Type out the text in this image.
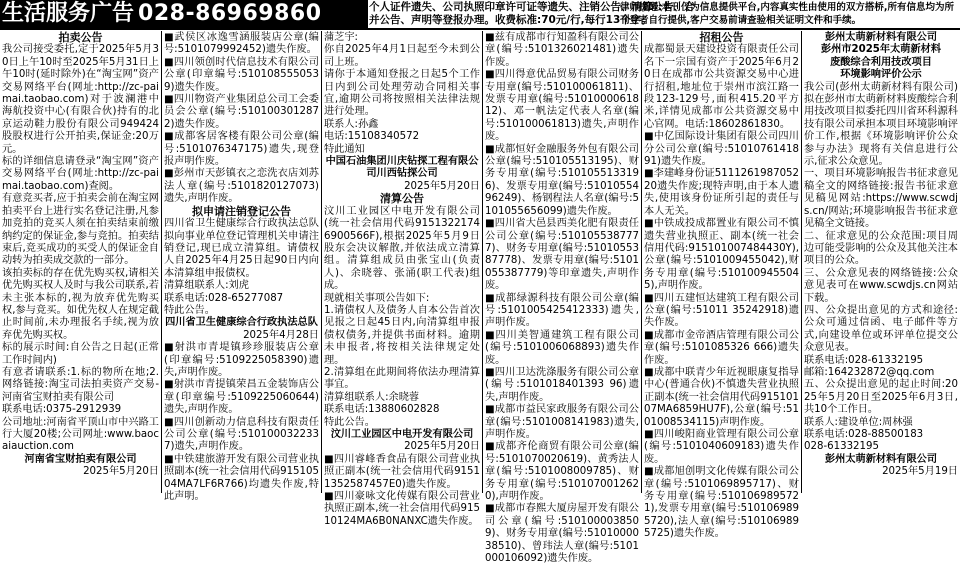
生活服务广告 028-86969860	个人证件遗失、公司执照印章许可证等遗失、注销公告、清算公告、合
并公告、声明等登报办理。收费标准:70元/行,每行13个字。
律师提醒:本刊仅为信息提供平台,内容真实性由使用的双方搭桥,所有信息均为所
刊登者自行提供,客户交易前请查验相关证明文件和手续。
拍卖公告
我公司接受委托,定于2025年5月30日上午10时至2025年5月31日上午10时(延时除外)在“淘宝网”资产交易网络平台(网址:http://zc-paimai.taobao.com)对于波澜港中海航投资中心(有限合伙)持有的北京运动鞋力股份有限公司949424股股权进行公开拍卖,保证金:20万元。
标的详细信息请登录“淘宝网”资产交易网络平台(网址:http://zc-paimai.taobao.com)查阅。
有意竞买者,应于拍卖会前在淘宝网拍卖平台上进行实名登记注册,凡参加竞拍的竞买人须在拍卖结束前缴纳约定的保证金,参与竞拍。拍卖结束后,竞买成功的买受人的保证金自动转为拍卖成交款的一部分。
该拍卖标的存在优先购买权,请相关优先购买权人及时与我公司联系,若未主张本标的,视为放弃优先购买权,参与竞买。如优先权人在规定截止时间前,未办理报名手续,视为放弃优先购买权。
标的展示时间:自公告之日起(正常工作时间内)
有意者请联系:1.标的物所在地;2.网络链接:淘宝司法拍卖资产交易-河南省宝财拍卖有限公司
联系电话:0375-2912939
公司地址:河南省平顶山市中兴路工行大厦20楼;公司网址:www.baocaiauction.com
河南省宝财拍卖有限公司
2025年5月20日
■武侯区冰逸雪涵服装店公章(编号:5101079992452)遗失作废。
■四川领创时代信息技术有限公司公章(印章编号:5101085550539)遗失作废。
■四川物资产业集团总公司工会委员会公章(编号:5101003012872)遗失作废。
■成都客居客楼有限公司公章(编号:5101076347175)遗失,现登报声明作废。
■彭州市天彭镇衣之恋洗衣店刘苏法人章(编号:5101820127073)遗失,声明作废。
拟申请注销登记公告
四川省卫生健康综合行政执法总队拟向事业单位登记管理机关申请注销登记,现已成立清算组。请债权人自2025年4月25日起90日内向本清算组申报债权。
清算组联系人:刘虎
联系电话:028-65277087
特此公告。
四川省卫生健康综合行政执法总队
2025年4月28日
■射洪市青堤镇珍珍服装店公章(印章编号:5109225058390)遗失,声明作废。
■射洪市青提镇荣昌五金装饰店公章(印章编号:5109225060644)遗失,声明作废。
■四川创新动力信息科技有限责任公司公章(编号:5101000322337)遗失,声明作废。
■中铁建旅游开发有限公司营业执照副本(统一社会信用代码91510504MA7LF6R766)均遗失作废,特此声明。
蒲芝宇:
你自2025年4月1日起至今未到公司上班。
请你于本通知登报之日起5个工作日内到公司处理劳动合同相关事宜,逾期公司将按照相关法律法规进行处理。
联系人:孙鑫
电话:15108340572
特此通知
中国石油集团川庆钻探工程有限公司川西钻探公司
2025年5月20日
清算公告
汶川工业园区中电开发有限公司(统一社会信用代码91513221746900566F),根据2025年5月9日股东会决议解散,并依法成立清算组。清算组成员由张宝山(负责人)、余晓蓉、张涌(职工代表)组成。
现就相关事项公告如下:
1.请债权人及债务人自本公告首次见报之日起45日内,向清算组申报债权债务,并提供书面材料。逾期未申报者,将按相关法律规定处理。
2.清算组在此期间将依法办理清算事宜。
清算组联系人:余晓蓉
联系电话:13880602828
特此公告。
汶川工业园区中电开发有限公司
2025年5月20日
■四川睿峰香食品有限公司营业执照正副本(统一社会信用代码91511352587457E0)遗失作废。
■四川豪咏文化传媒有限公司营业执照正副本,统一社会信用代码91510124MA6B0NANXC遗失作废。
■兹有成都市行知盈科有限公司公章(编号:5101326021481)遗失作废。
■四川得意优品贸易有限公司财务专用章(编号:510100061811)、发票专用章(编号:5101000061812)、邓一帆法定代表人名章(编号:510100061813)遗失,声明作废。
■成都恒好金融服务外包有限公司公章(编号:510105513195)、财务专用章(编号:5101055133196)、发票专用章(编号:5101055496249)、杨钢程法人名章(编号:5101055656099)遗失作废。
■四川省大邑县西美化肥有限责任公司公章(编号:5101055387777)、财务专用章(编号:5101055387778)、发票专用章(编号:5101055387779)等印章遗失,声明作废。
■成都绿源科技有限公司公章(编号:5101005425412333)遗失,声明作废。
■四川美智通建筑工程有限公司(编号:5101006068893)遗失作废。
■四川卫达洗涤服务有限公司公章(编号:5101018401393 96)遗失,声明作废。
■成都市益民家政服务有限公司公章(编号:5101008141983)遗失,声明作废。
■成都齐伦商贸有限公司公章(编号:5101070020619)、黄秀法人章(编号:5101008009785)、财务专用章(编号:5101070012620),声明作废。
■成都市春熙大厦房屋开发有限公司公章(编号:5101000038509)、财务专用章(编号:5101000038510)、曾玮法人章(编号:5101000106092)遗失作废。
招租公告
成都蜀景天建设投资有限责任公司名下一宗国有资产于2025年6月20日在成都市公共资源交易中心进行招租,地址位于崇州市滨江路一段123-129号,面积415.20平方米,详情见成都市公共资源交易中心官网。电话:18602861830。
■中亿国际设计集团有限公司四川分公司公章(编号:5101076141891)遗失作废。
■李建峰身份证511126198705220遗失作废;现特声明,由于本人遗失,使用该身份证所引起的责任与本人无关。
■中铁成投成都置业有限公司不慎遗失营业执照正、副本(统一社会信用代码:915101007484430Y),公章(编号:5101009455042),财务专用章(编号:5101009455045),声明作废。
■四川五建恒达建筑工程有限公司公章(编号:51011 35242918)遗失作废。
■成都市金帝酒店管理有限公司公章(编号:5101085326 666)遗失作废。
■成都中联青少年近视眼康复指导中心(普通合伙)不慎遗失营业执照正副本(统一社会信用代码91510107MA6859HU7F),公章(编号:5101008534115)声明作废。
■四川峻阳商业管理有限公司公章(编号:5101040609183)遗失作废。
■成都旭创明文化传媒有限公司公章(编号:5101069895717)、财务专用章(编号:5101069895721),发票专用章(编号:5101069895720),法人章(编号:5101069895725)遗失作废。
彭州太萌新材料有限公司
彭州市2025年太萌新材料
废酸综合利用技改项目
环境影响评价公示
我公司(彭州太萌新材料有限公司)拟在彭州市太萌新材料废酸综合利用技改项目拟委托四川省环科源科技有限公司承担本项目环境影响评价工作,根据《环境影响评价公众参与办法》现将有关信息进行公示,征求公众意见。
一、项目环境影响报告书征求意见稿全文的网络链接:报告书征求意见稿见网站:https://www.scwdjs.cn/网站;环境影响报告书征求意见稿全文链接。
二、征求意见的公众范围:项目周边可能受影响的公众及其他关注本项目的公众。
三、公众意见表的网络链接:公众意见表可在www.scwdjs.cn网站下载。
四、公众提出意见的方式和途径:公众可通过信函、电子邮件等方式,向建设单位或环评单位提交公众意见表。
联系电话:028-61332195
邮箱:164232872@qq.com
五、公众提出意见的起止时间:2025年5月20日至2025年6月3日,共10个工作日。
联系人:建设单位:周林强
联系电话:028-88500183
028-61332195
彭州太萌新材料有限公司
2025年5月19日
